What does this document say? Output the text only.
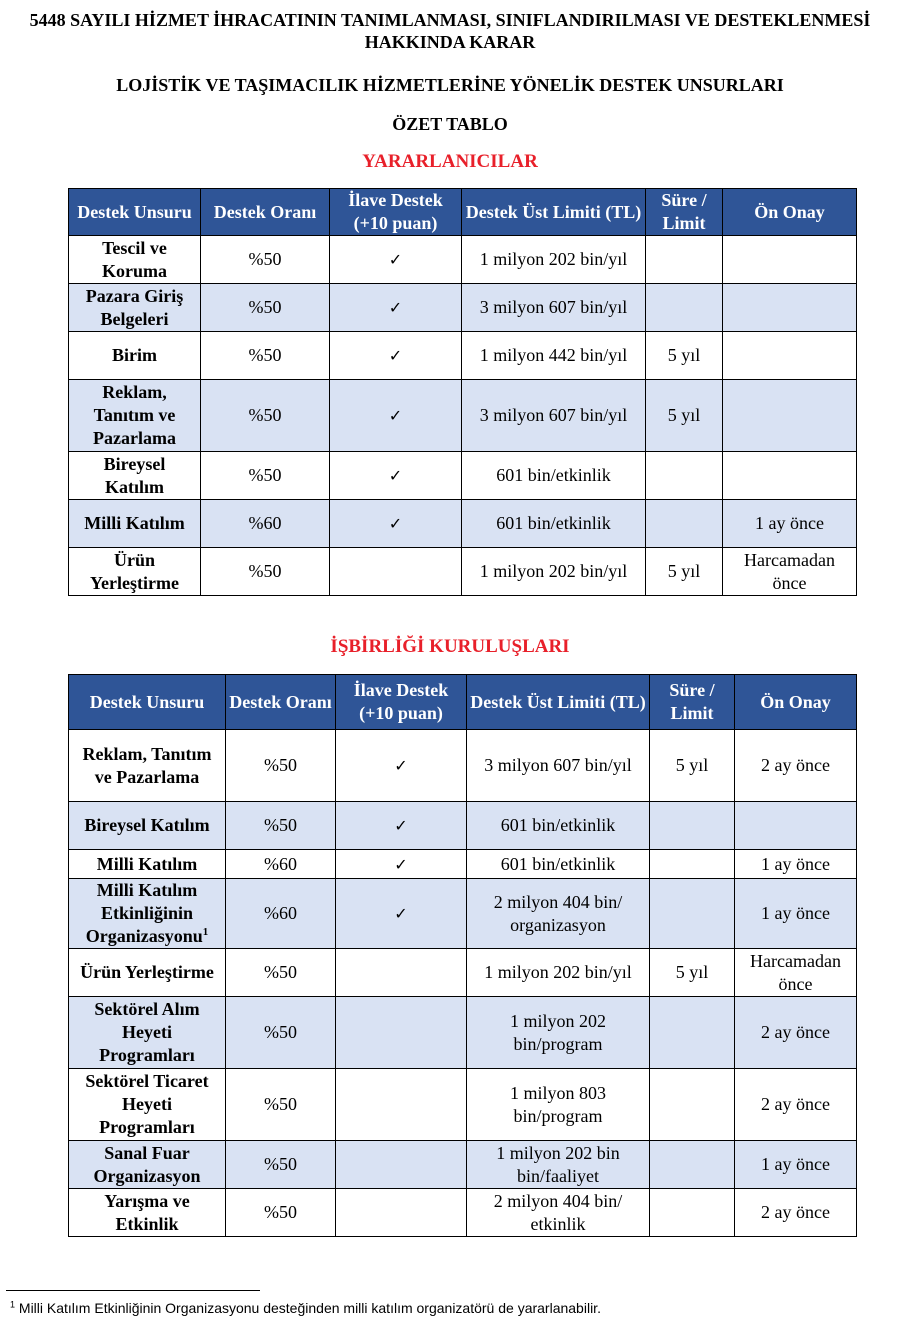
5448 SAYILI HİZMET İHRACATININ TANIMLANMASI, SINIFLANDIRILMASI VE DESTEKLENMESİ HAKKINDA KARAR
LOJİSTİK VE TAŞIMACILIK HİZMETLERİNE YÖNELİK DESTEK UNSURLARI
ÖZET TABLO
YARARLANICILAR
Destek Unsuru	Destek Oranı	İlave Destek (+10 puan)	Destek Üst Limiti (TL)	Süre / Limit	Ön Onay
Tescil ve Koruma	%50	✓	1 milyon 202 bin/yıl		
Pazara Giriş Belgeleri	%50	✓	3 milyon 607 bin/yıl		
Birim	%50	✓	1 milyon 442 bin/yıl	5 yıl	
Reklam, Tanıtım ve Pazarlama	%50	✓	3 milyon 607 bin/yıl	5 yıl	
Bireysel Katılım	%50	✓	601 bin/etkinlik		
Milli Katılım	%60	✓	601 bin/etkinlik		1 ay önce
Ürün Yerleştirme	%50		1 milyon 202 bin/yıl	5 yıl	Harcamadan önce
İŞBİRLİĞİ KURULUŞLARI
Destek Unsuru	Destek Oranı	İlave Destek (+10 puan)	Destek Üst Limiti (TL)	Süre / Limit	Ön Onay
Reklam, Tanıtım ve Pazarlama	%50	✓	3 milyon 607 bin/yıl	5 yıl	2 ay önce
Bireysel Katılım	%50	✓	601 bin/etkinlik		
Milli Katılım	%60	✓	601 bin/etkinlik		1 ay önce
Milli Katılım Etkinliğinin Organizasyonu$^1$	%60	✓	2 milyon 404 bin/ organizasyon		1 ay önce
Ürün Yerleştirme	%50		1 milyon 202 bin/yıl	5 yıl	Harcamadan önce
Sektörel Alım Heyeti Programları	%50		1 milyon 202 bin/program		2 ay önce
Sektörel Ticaret Heyeti Programları	%50		1 milyon 803 bin/program		2 ay önce
Sanal Fuar Organizasyon	%50		1 milyon 202 bin bin/faaliyet		1 ay önce
Yarışma ve Etkinlik	%50		2 milyon 404 bin/ etkinlik		2 ay önce
$^1$ Milli Katılım Etkinliğinin Organizasyonu desteğinden milli katılım organizatörü de yararlanabilir.
